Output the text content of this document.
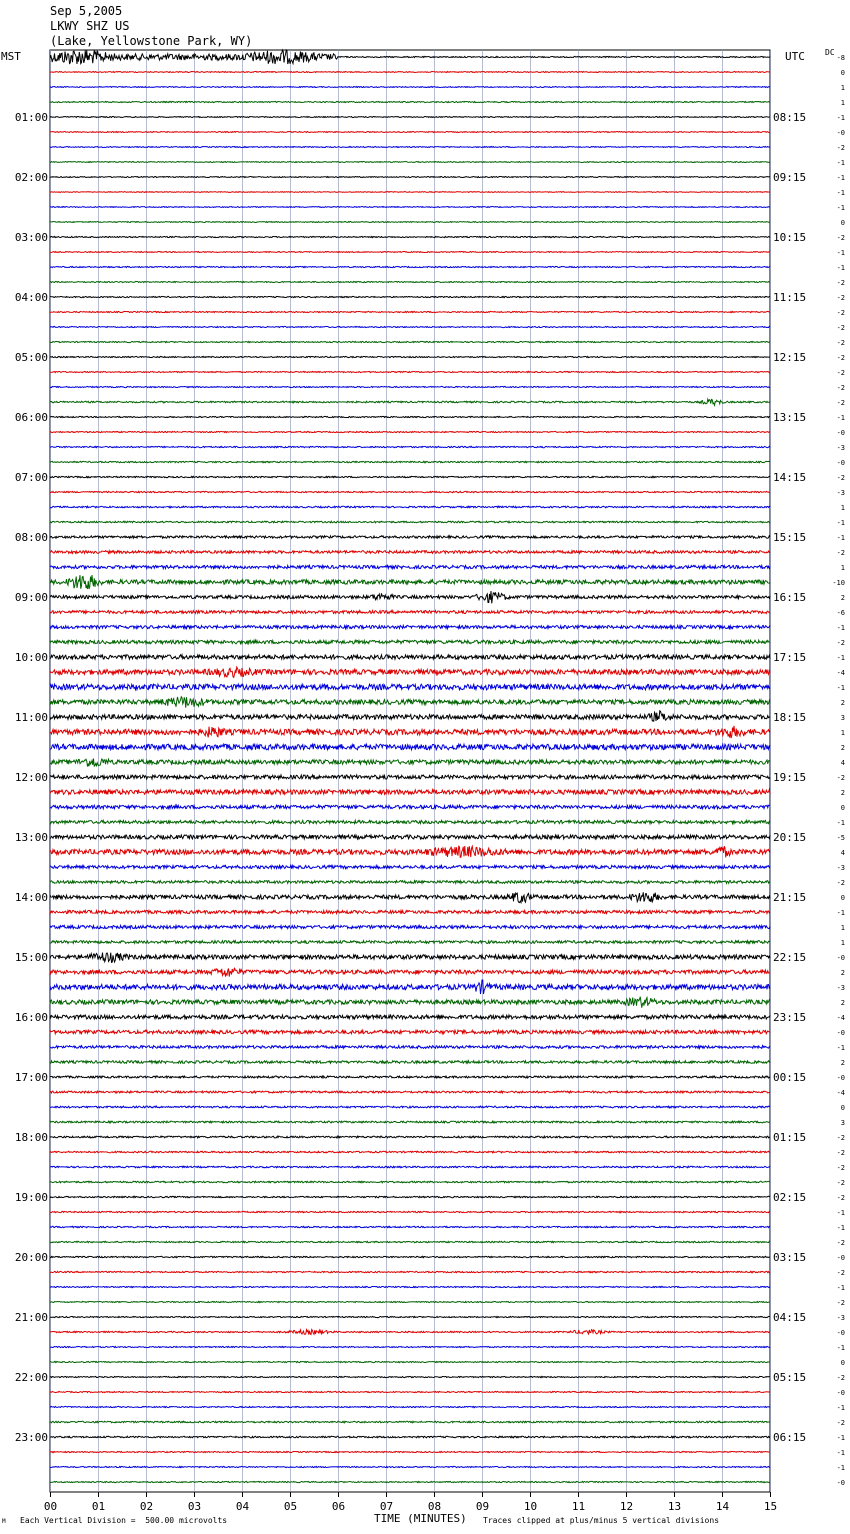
01:00
02:00
03:00
04:00
05:00
06:00
07:00
08:00
09:00
10:00
11:00
12:00
13:00
14:00
15:00
16:00
17:00
18:00
19:00
20:00
21:00
22:00
23:00
08:15
09:15
10:15
11:15
12:15
13:15
14:15
15:15
16:15
17:15
18:15
19:15
20:15
21:15
22:15
23:15
00:15
01:15
02:15
03:15
04:15
05:15
06:15
-8
0
1
1
-1
-0
-2
-1
-1
-1
-1
0
-2
-1
-1
-2
-2
-2
-2
-2
-2
-2
-2
-2
-1
-0
-3
-0
-2
-3
1
-1
-1
-2
1
-10
2
-6
-1
-2
-1
-4
-1
2
3
1
2
4
-2
2
0
-1
-5
4
-3
-2
0
-1
1
1
-0
2
-3
2
-4
-0
-1
2
-0
-4
0
3
-2
-2
-2
-2
-2
-1
-1
-2
-0
-2
-1
-2
-3
-0
-1
0
-2
-0
-1
-2
-1
-1
-1
-0
00	01	02	03	04	05	06	07	08	09	10	11	12	13	14	15
Sep 5,2005
LKWY SHZ US
(Lake, Yellowstone Park, WY)
MST	UTC	DC
M Each Vertical Division =  500.00 microvolts	TIME (MINUTES) Traces clipped at plus/minus 5 vertical divisions
